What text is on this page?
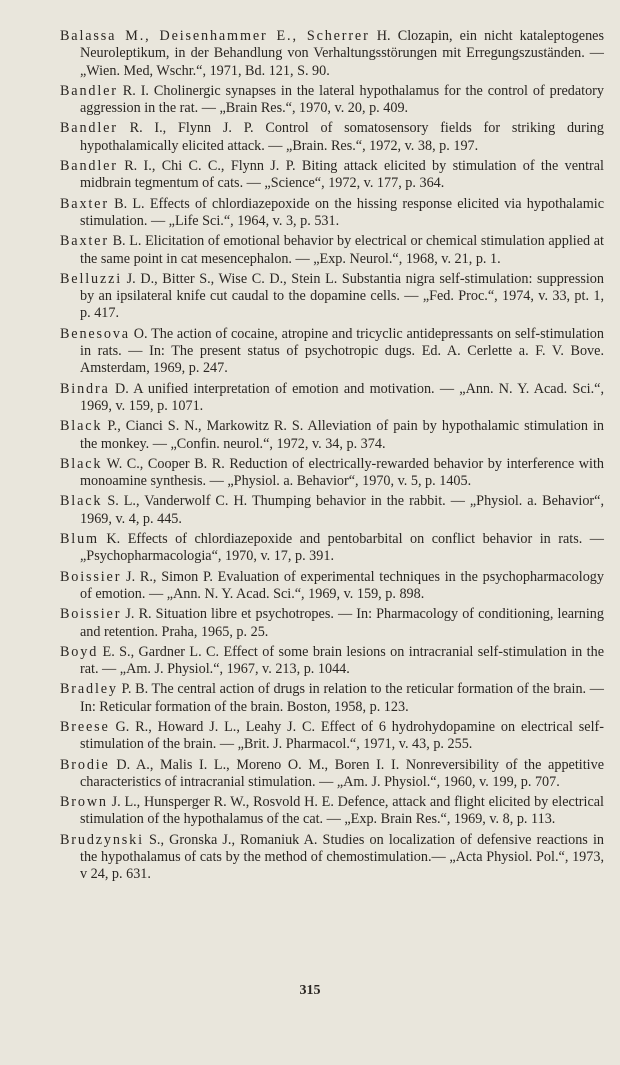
Balassa M., Deisenhammer E., Scherrer H. Clozapin, ein nicht kataleptogenes Neuroleptikum, in der Behandlung von Verhaltungsstörungen mit Erregungszuständen. — „Wien. Med, Wschr.“, 1971, Bd. 121, S. 90.

Bandler R. I. Cholinergic synapses in the lateral hypothalamus for the control of predatory aggression in the rat. — „Brain Res.“, 1970, v. 20, p. 409.

Bandler R. I., Flynn J. P. Control of somatosensory fields for striking during hypothalamically elicited attack. — „Brain. Res.“, 1972, v. 38, p. 197.

Bandler R. I., Chi C. C., Flynn J. P. Biting attack elicited by stimulation of the ventral midbrain tegmentum of cats. — „Science“, 1972, v. 177, p. 364.

Baxter B. L. Effects of chlordiazepoxide on the hissing response elicited via hypothalamic stimulation. — „Life Sci.“, 1964, v. 3, p. 531.

Baxter B. L. Elicitation of emotional behavior by electrical or chemical stimulation applied at the same point in cat mesencephalon. — „Exp. Neurol.“, 1968, v. 21, p. 1.

Belluzzi J. D., Bitter S., Wise C. D., Stein L. Substantia nigra self-stimulation: suppression by an ipsilateral knife cut caudal to the dopamine cells. — „Fed. Proc.“, 1974, v. 33, pt. 1, p. 417.

Benesova O. The action of cocaine, atropine and tricyclic antidepressants on self-stimulation in rats. — In: The present status of psychotropic dugs. Ed. A. Cerlette a. F. V. Bove. Amsterdam, 1969, p. 247.

Bindra D. A unified interpretation of emotion and motivation. — „Ann. N. Y. Acad. Sci.“, 1969, v. 159, p. 1071.

Black P., Cianci S. N., Markowitz R. S. Alleviation of pain by hypothalamic stimulation in the monkey. — „Confin. neurol.“, 1972, v. 34, p. 374.

Black W. C., Cooper B. R. Reduction of electrically-rewarded behavior by interference with monoamine synthesis. — „Physiol. a. Behavior“, 1970, v. 5, p. 1405.

Black S. L., Vanderwolf C. H. Thumping behavior in the rabbit. — „Physiol. a. Behavior“, 1969, v. 4, p. 445.

Blum K. Effects of chlordiazepoxide and pentobarbital on conflict behavior in rats. — „Psychopharmacologia“, 1970, v. 17, p. 391.

Boissier J. R., Simon P. Evaluation of experimental techniques in the psychopharmacology of emotion. — „Ann. N. Y. Acad. Sci.“, 1969, v. 159, p. 898.

Boissier J. R. Situation libre et psychotropes. — In: Pharmacology of conditioning, learning and retention. Praha, 1965, p. 25.

Boyd E. S., Gardner L. C. Effect of some brain lesions on intracranial self-stimulation in the rat. — „Am. J. Physiol.“, 1967, v. 213, p. 1044.

Bradley P. B. The central action of drugs in relation to the reticular formation of the brain. — In: Reticular formation of the brain. Boston, 1958, p. 123.

Breese G. R., Howard J. L., Leahy J. C. Effect of 6 hydrohydopamine on electrical self-stimulation of the brain. — „Brit. J. Pharmacol.“, 1971, v. 43, p. 255.

Brodie D. A., Malis I. L., Moreno O. M., Boren I. I. Nonreversibility of the appetitive characteristics of intracranial stimulation. — „Am. J. Physiol.“, 1960, v. 199, p. 707.

Brown J. L., Hunsperger R. W., Rosvold H. E. Defence, attack and flight elicited by electrical stimulation of the hypothalamus of the cat. — „Exp. Brain Res.“, 1969, v. 8, p. 113.

Brudzynski S., Gronska J., Romaniuk A. Studies on localization of defensive reactions in the hypothalamus of cats by the method of chemostimulation.— „Acta Physiol. Pol.“, 1973, v 24, p. 631.

315
